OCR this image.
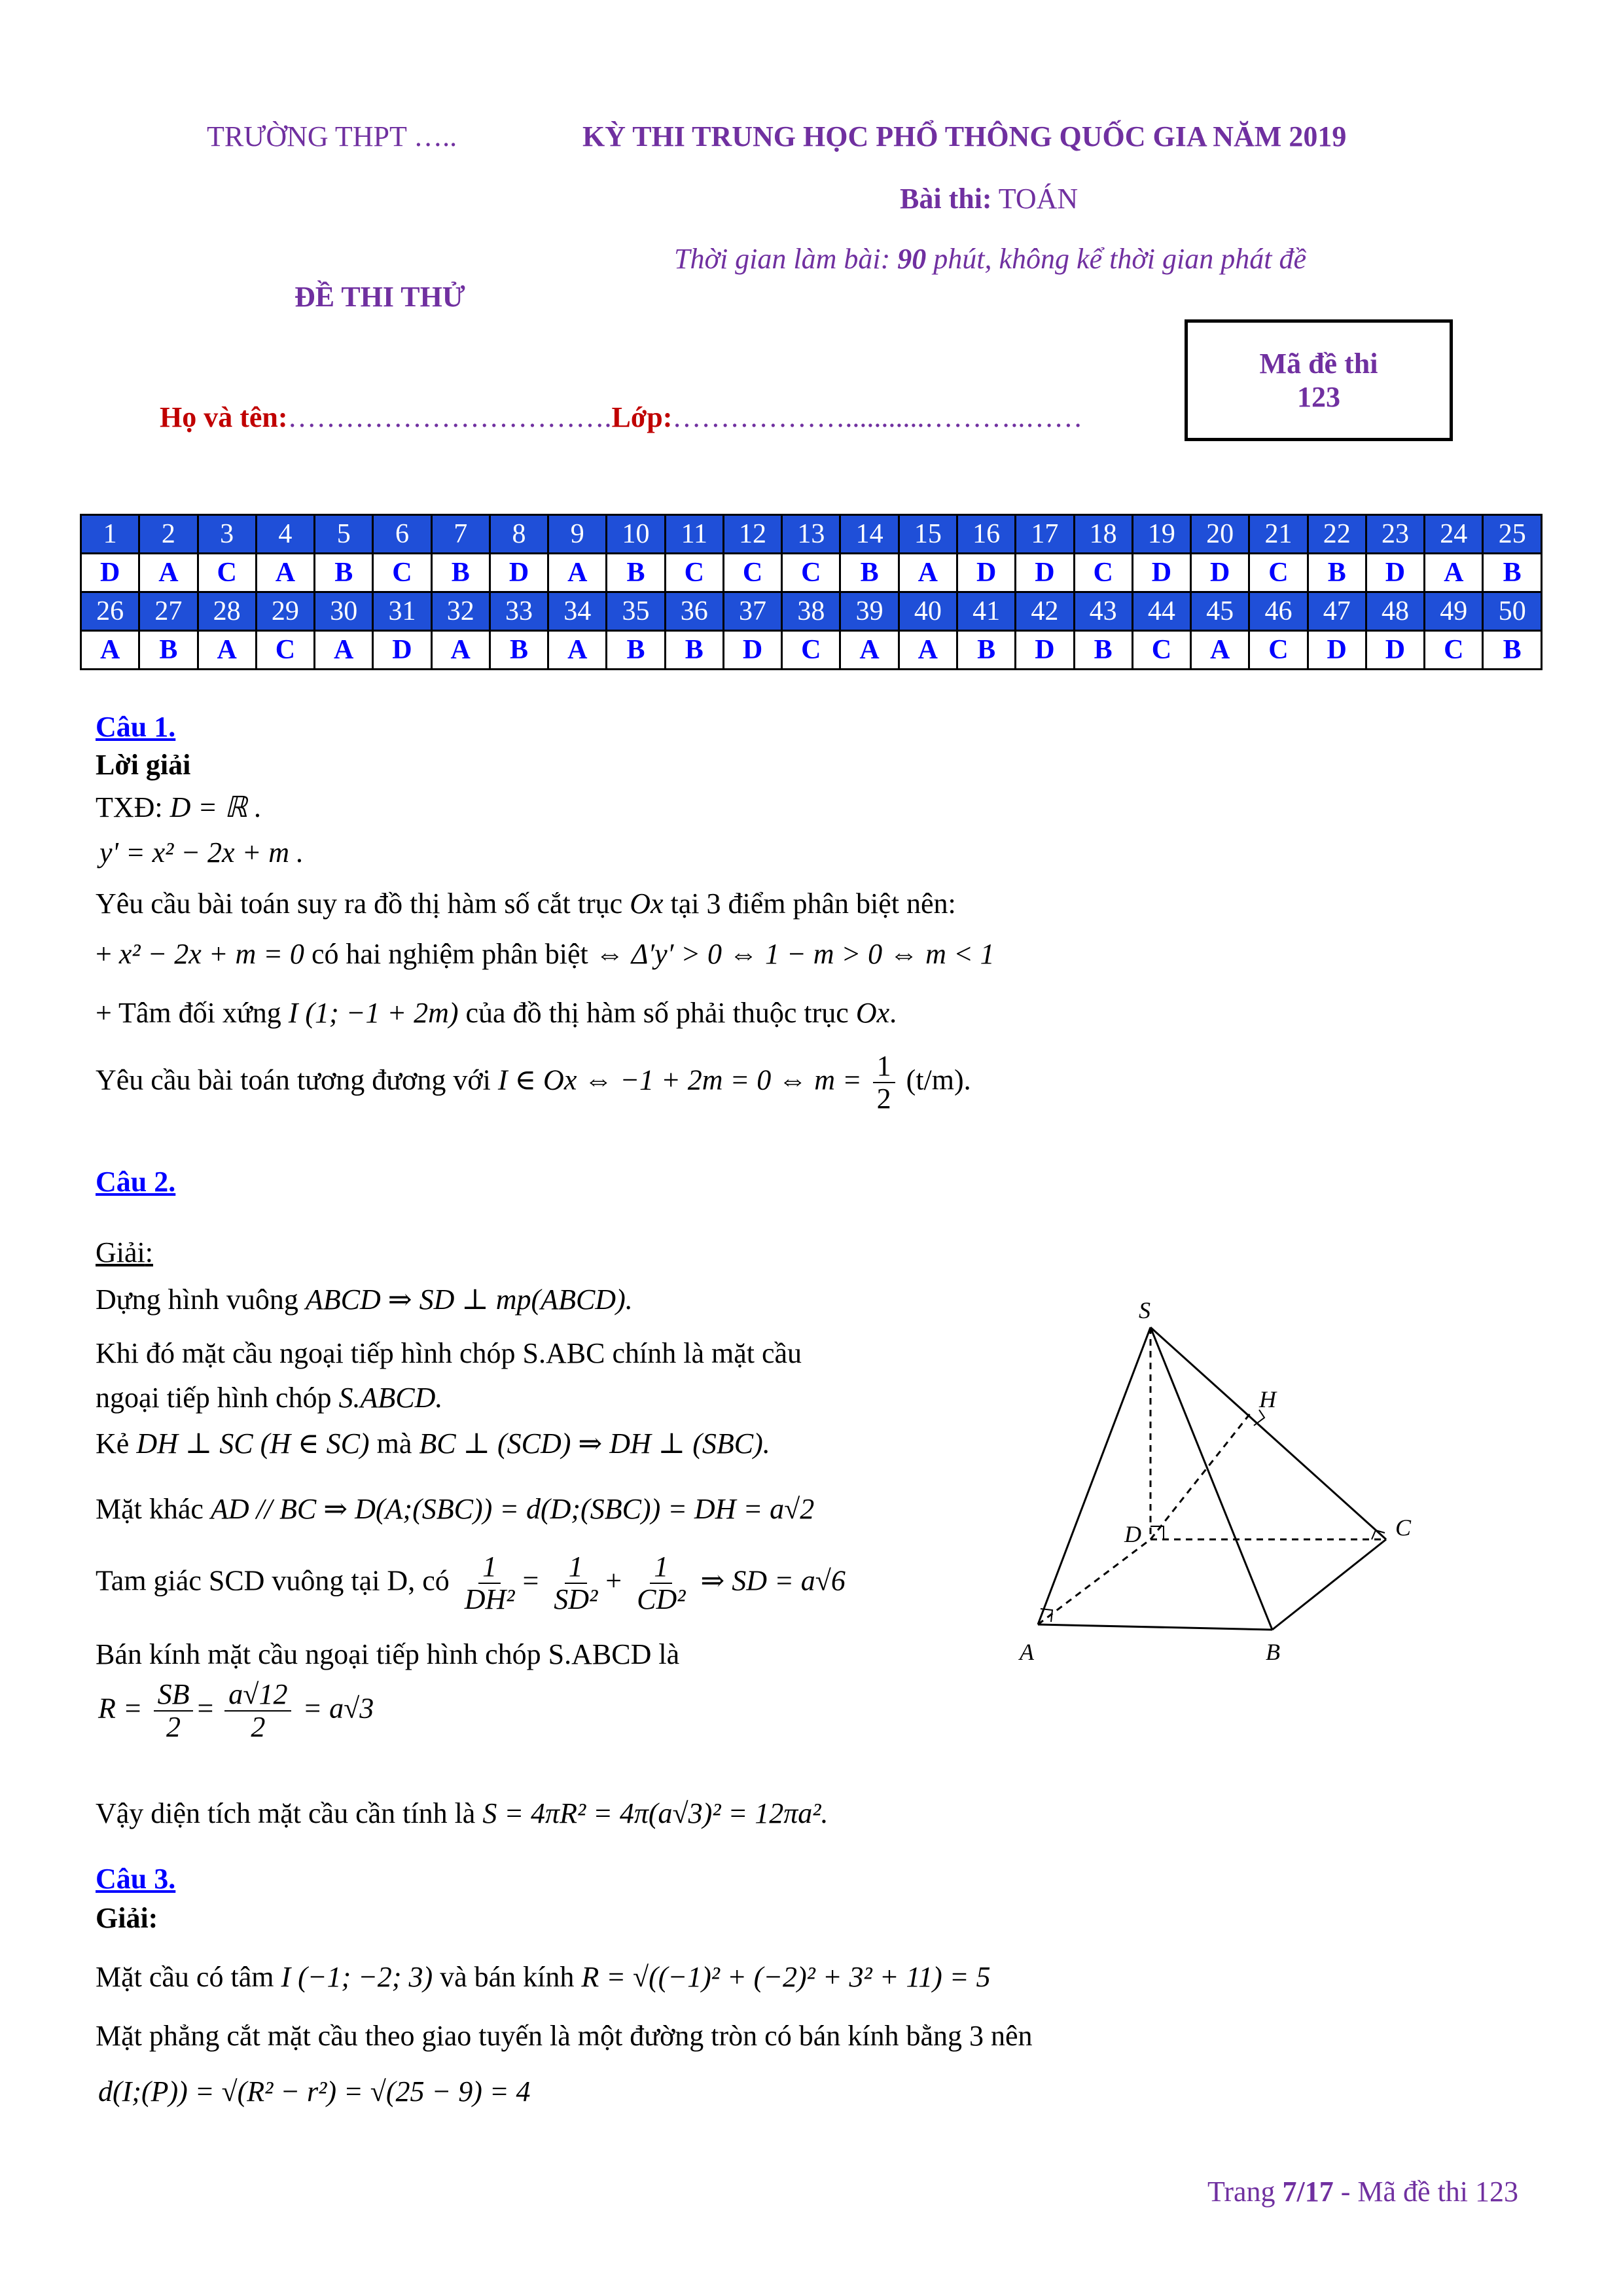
TRƯỜNG THPT …..	KỲ THI TRUNG HỌC PHỔ THÔNG QUỐC GIA NĂM 2019
Bài thi: TOÁN
Thời gian làm bài: 90 phút, không kể thời gian phát đề
ĐỀ THI THỬ
Mã đề thi
123
Họ và tên:…………………………….Lớp:………………...........………..……
1	2	3	4	5	6	7	8	9	10	11	12	13	14	15	16	17	18	19	20	21	22	23	24	25
D	A	C	A	B	C	B	D	A	B	C	C	C	B	A	D	D	C	D	D	C	B	D	A	B
26	27	28	29	30	31	32	33	34	35	36	37	38	39	40	41	42	43	44	45	46	47	48	49	50
A	B	A	C	A	D	A	B	A	B	B	D	C	A	A	B	D	B	C	A	C	D	D	C	B
Câu 1.
Lời giải
TXĐ: D = ℝ .
y' = x² − 2x + m .
Yêu cầu bài toán suy ra đồ thị hàm số cắt trục Ox tại 3 điểm phân biệt nên:
+ x² − 2x + m = 0 có hai nghiệm phân biệt ⇔ Δ′y′ > 0 ⇔ 1 − m > 0 ⇔ m < 1
+ Tâm đối xứng I (1; −1 + 2m) của đồ thị hàm số phải thuộc trục Ox.
Yêu cầu bài toán tương đương với I ∈ Ox ⇔ −1 + 2m = 0 ⇔ $m = \frac{1}{2} (t/m)$.
Câu 2.
Giải:
Dựng hình vuông ABCD ⇒ SD ⊥ mp(ABCD).
Khi đó mặt cầu ngoại tiếp hình chóp S.ABC chính là mặt cầu
ngoại tiếp hình chóp S.ABCD.
Kẻ DH ⊥ SC (H ∈ SC) mà BC ⊥ (SCD) ⇒ DH ⊥ (SBC).
Mặt khác AD // BC ⇒ D(A;(SBC)) = d(D;(SBC)) = DH = a√2
Tam giác SCD vuông tại D, có $\frac{1}{\text{DH²}} = \frac{1}{\text{SD²}} + \frac{1}{\text{CD²}}$ ⇒ SD = a√6
Bán kính mặt cầu ngoại tiếp hình chóp S.ABCD là
$R = \frac{SB}{2} = \frac{a√12}{2} = a√3$
Vậy diện tích mặt cầu cần tính là S = 4πR² = 4π(a√3)² = 12πa².
S
H
D	C
A	B
Câu 3.
Giải:
Mặt cầu có tâm I (−1; −2; 3) và bán kính R = √((−1)² + (−2)² + 3² + 11) = 5
Mặt phẳng cắt mặt cầu theo giao tuyến là một đường tròn có bán kính bằng 3 nên
d(I;(P)) = √(R² − r²) = √(25 − 9) = 4
Trang 7/17 - Mã đề thi 123
